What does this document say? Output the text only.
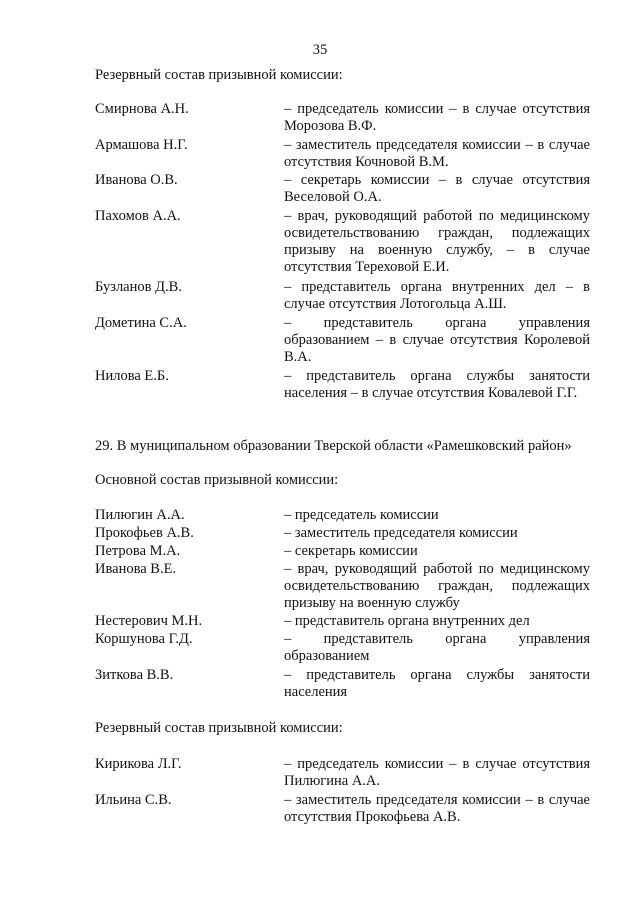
35
Резервный состав призывной комиссии:
Смирнова А.Н.	– председатель комиссии – в случае отсутствия Морозова В.Ф.
Армашова Н.Г.	– заместитель председателя комиссии – в случае отсутствия Кочновой В.М.
Иванова О.В.	– секретарь комиссии – в случае отсутствия Веселовой О.А.
Пахомов А.А.	– врач, руководящий работой по медицинскому освидетельствованию граждан, подлежащих призыву на военную службу, – в случае отсутствия Тереховой Е.И.
Бузланов Д.В.	– представитель органа внутренних дел – в случае отсутствия Лотогольца А.Ш.
Дометина С.А.	– представитель органа управления образованием – в случае отсутствия Королевой В.А.
Нилова Е.Б.	– представитель органа службы занятости населения – в случае отсутствия Ковалевой Г.Г.
29. В муниципальном образовании Тверской области «Рамешковский район»
Основной состав призывной комиссии:
Пилюгин А.А.	– председатель комиссии
Прокофьев А.В.	– заместитель председателя комиссии
Петрова М.А.	– секретарь комиссии
Иванова В.Е.	– врач, руководящий работой по медицинскому освидетельствованию граждан, подлежащих призыву на военную службу
Нестерович М.Н.	– представитель органа внутренних дел
Коршунова Г.Д.	– представитель органа управления образованием
Зиткова В.В.	– представитель органа службы занятости населения
Резервный состав призывной комиссии:
Кирикова Л.Г.	– председатель комиссии – в случае отсутствия Пилюгина А.А.
Ильина С.В.	– заместитель председателя комиссии – в случае отсутствия Прокофьева А.В.
